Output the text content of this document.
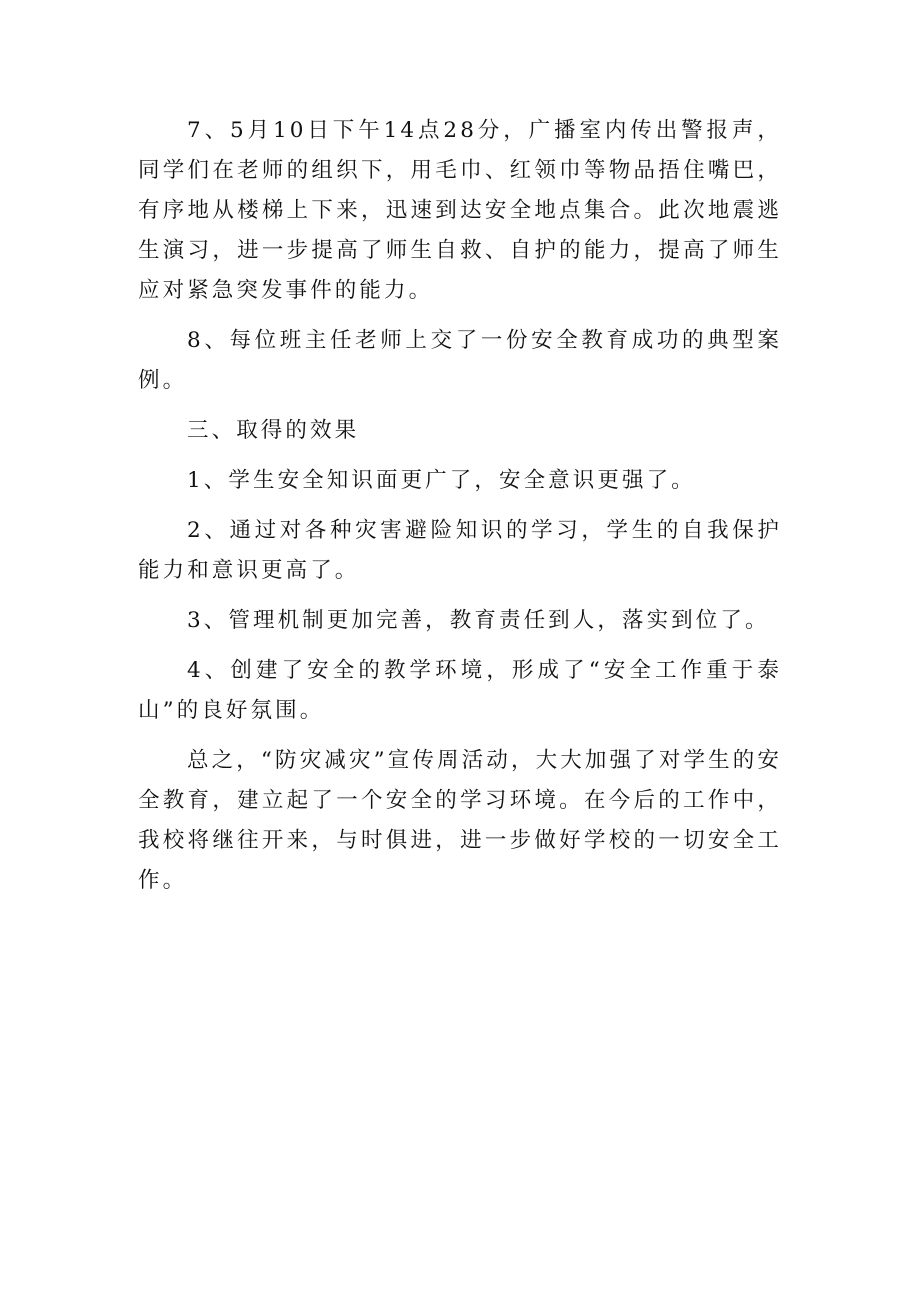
7、5月10日下午14点28分，广播室内传出警报声，同学们在老师的组织下，用毛巾、红领巾等物品捂住嘴巴，有序地从楼梯上下来，迅速到达安全地点集合。此次地震逃生演习，进一步提高了师生自救、自护的能力，提高了师生应对紧急突发事件的能力。

8、每位班主任老师上交了一份安全教育成功的典型案例。

三、取得的效果

1、学生安全知识面更广了，安全意识更强了。

2、通过对各种灾害避险知识的学习，学生的自我保护能力和意识更高了。

3、管理机制更加完善，教育责任到人，落实到位了。

4、创建了安全的教学环境，形成了“安全工作重于泰山”的良好氛围。

总之，“防灾减灾”宣传周活动，大大加强了对学生的安全教育，建立起了一个安全的学习环境。在今后的工作中，我校将继往开来，与时俱进，进一步做好学校的一切安全工作。
